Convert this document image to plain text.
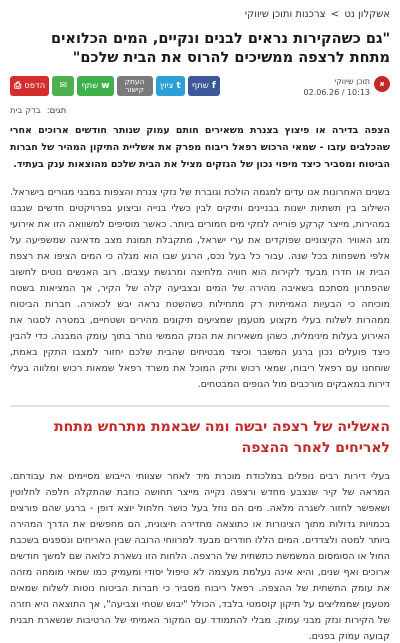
אשקלון נט > צרכנות ותוכן שיווקי
"גם כשהקירות נראים לבנים ונקיים, המים הכלואים מתחת לרצפה ממשיכים להרוס את הבית שלכם"
א
תוכן שיווקי
10:13 / 02.06.26
⎙ הדפס ✉ שתף w	העתק קישור	ציוץ t שתף f
תגים:
בדק בית

הצפה בדירה או פיצוץ בצנרת משאירים חותם עמוק שנותר חודשים ארוכים אחרי שהכלבים עזבו - שמאי הרכוש רפאל ריבוח מפרק את אשליית התיקון המהיר של חברות הביטוח ומסביר כיצד מיפוי נכון של הנזקים מציל את הבית שלכם מהוצאות ענק בעתיד.

בשנים האחרונות אנו עדים למגמה הולכת וגוברת של נזקי צנרת והצפות במבני מגורים בישראל. השילוב בין תשתיות ישנות בבניינים ותיקים לבין כשלי בנייה וביצוע בפרויקטים חדשים שנבנו במהירות, מייצר קרקע פורייה לנזקי מים חמורים ביותר. כאשר מוסיפים למשוואה הזו את אירועי מזג האוויר הקיצוניים שפוקדים את ערי ישראל, מתקבלת תמונת מצב מדאיגה שמשפיעה על אלפי משפחות בכל שנה. עבור כל בעל נכס, הרגע שבו הוא מגלה כי המים הציפו את רצפת הבית או חדרו מבעד לקירות הוא חוויה מלחיצה ומרגשת עצבים. רוב האנשים נוטים לחשוב שהפתרון מסתכם בשאיבה מהירה של המים ובצביעה קלה של הקיר, אך המציאות בשטח מוכיחה כי הבעיות האמיתיות רק מתחילות כשהשטח נראה יבש לכאורה. חברות הביטוח ממהרות לשלוח בעלי מקצוע מטעמן שמציעים תיקונים מהירים ושטחיים, במטרה לסגור את האירוע בעלות מינימלית, כשהן משאירות את הנזק הממשי נותר בתוך עומק המבנה. כדי להבין כיצד פועלים נכון ברגע המשבר וכיצד מבטיחים שהבית שלכם יחזור למצבו התקין באמת, שוחחנו עם רפאל ריבוח, שמאי רכוש ותיק המוכל את משרד רפאל שמאות רכוש ומלווה בעלי דירות במאבקים מורכבים מול הגופים המבטחים.

האשליה של רצפה יבשה ומה שבאמת מתרחש מתחת לאריחים לאחר ההצפה

בעלי דירות רבים נופלים במלכודת מוכרת מיד לאחר שצוותי הייבוש מסיימים את עבודתם. המראה של קיר שנצבע מחדש ורצפה נקייה מייצר תחושה כוזבת שהתקלה חלפה לחלוטין ושאפשר לחזור לשגרה מלאה. מים הם נוזל בעל כושר חלחול יוצא דופן - ברגע שהם פורצים בכמויות גדולות מתוך הצינורות או כתוצאה מחדירה חיצונית, הם מחפשים את הדרך המהירה ביותר למטה ולצדדים. המים הללו חודרים מבעד למרווחי הרובה שבין האריחים ונספגים בשכבת החול או הסומסום המשמשת כתשתית של הרצפה. הלחות הזו נשארת כלואה שם למשך חודשים ארוכים ואף שנים, והיא אינה נעלמת מעצמה לא טיפול יסודי ומעמיק כמו שמאי מומחה מזהה את עומק התשתית של ההצפה. רפאל ריבוח מסביר כי חברות הביטוח נוטות לשלוח שמאים מטעמן שממליצים על תיקון קוסמטי בלבד, הכולל "יבוש שטחי וצביעה", אך התוצאה היא חזרה של הקירות ונזק מבני עמוק. מבלי להתמודד עם המקור האמיתי של הרטיבות שנשארת תבנית קבועה עמוק בפנים.
